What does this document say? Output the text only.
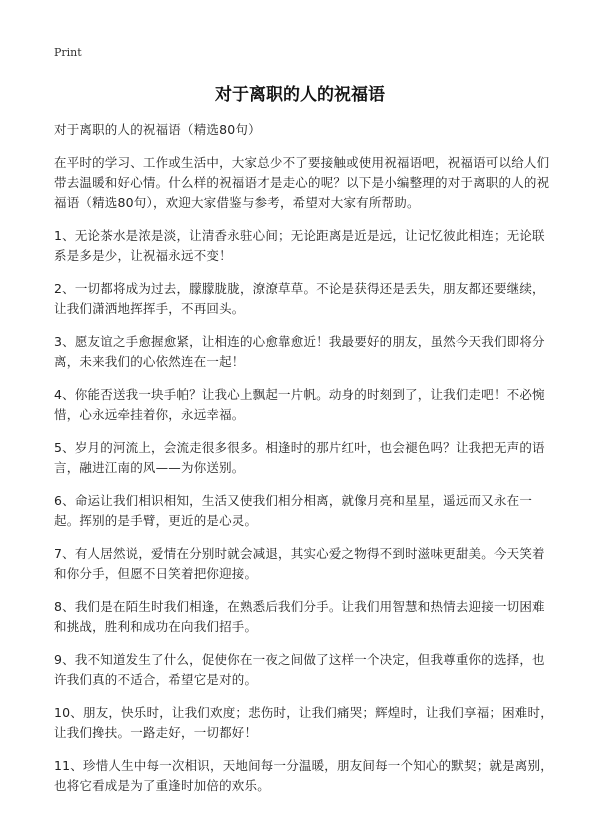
Print
对于离职的人的祝福语

对于离职的人的祝福语（精选80句）

在平时的学习、工作或生活中，大家总少不了要接触或使用祝福语吧，祝福语可以给人们带去温暖和好心情。什么样的祝福语才是走心的呢？以下是小编整理的对于离职的人的祝福语（精选80句），欢迎大家借鉴与参考，希望对大家有所帮助。

1、无论茶水是浓是淡，让清香永驻心间；无论距离是近是远，让记忆彼此相连；无论联系是多是少，让祝福永远不变！

2、一切都将成为过去，朦朦胧胧，潦潦草草。不论是获得还是丢失，朋友都还要继续，让我们潇洒地挥挥手，不再回头。

3、愿友谊之手愈握愈紧，让相连的心愈靠愈近！我最要好的朋友，虽然今天我们即将分离，未来我们的心依然连在一起！

4、你能否送我一块手帕？让我心上飘起一片帆。动身的时刻到了，让我们走吧！不必惋惜，心永远牵挂着你，永远幸福。

5、岁月的河流上，会流走很多很多。相逢时的那片红叶，也会褪色吗？让我把无声的语言，融进江南的风——为你送别。

6、命运让我们相识相知，生活又使我们相分相离，就像月亮和星星，遥远而又永在一起。挥别的是手臂，更近的是心灵。

7、有人居然说，爱情在分别时就会减退，其实心爱之物得不到时滋味更甜美。今天笑着和你分手，但愿不日笑着把你迎接。

8、我们是在陌生时我们相逢，在熟悉后我们分手。让我们用智慧和热情去迎接一切困难和挑战，胜利和成功在向我们招手。

9、我不知道发生了什么，促使你在一夜之间做了这样一个决定，但我尊重你的选择，也许我们真的不适合，希望它是对的。

10、朋友，快乐时，让我们欢度；悲伤时，让我们痛哭；辉煌时，让我们享福；困难时，让我们搀扶。一路走好，一切都好！

11、珍惜人生中每一次相识，天地间每一分温暖，朋友间每一个知心的默契；就是离别，也将它看成是为了重逢时加倍的欢乐。
